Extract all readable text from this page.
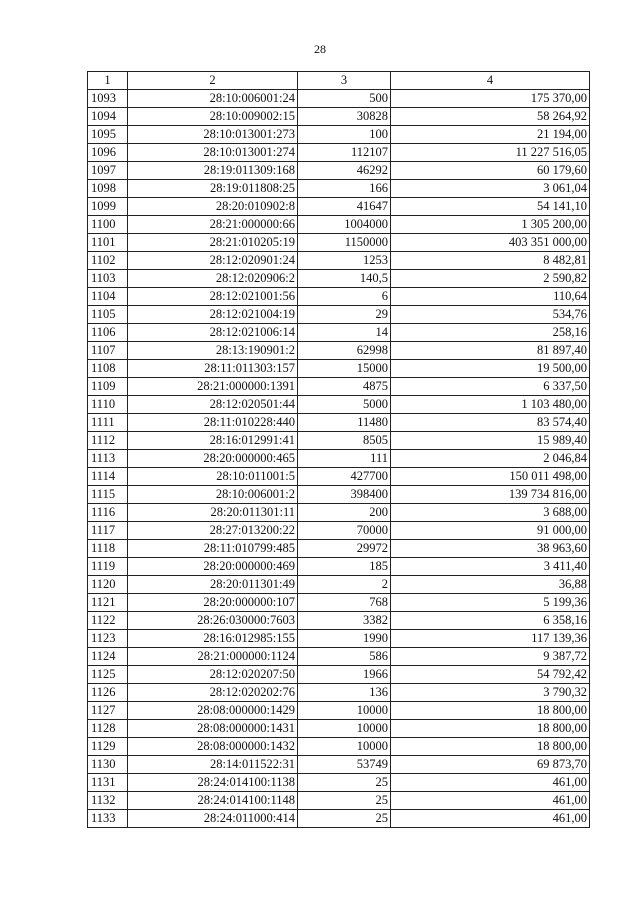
28
1	2	3	4
1093	28:10:006001:24	500	175 370,00
1094	28:10:009002:15	30828	58 264,92
1095	28:10:013001:273	100	21 194,00
1096	28:10:013001:274	112107	11 227 516,05
1097	28:19:011309:168	46292	60 179,60
1098	28:19:011808:25	166	3 061,04
1099	28:20:010902:8	41647	54 141,10
1100	28:21:000000:66	1004000	1 305 200,00
1101	28:21:010205:19	1150000	403 351 000,00
1102	28:12:020901:24	1253	8 482,81
1103	28:12:020906:2	140,5	2 590,82
1104	28:12:021001:56	6	110,64
1105	28:12:021004:19	29	534,76
1106	28:12:021006:14	14	258,16
1107	28:13:190901:2	62998	81 897,40
1108	28:11:011303:157	15000	19 500,00
1109	28:21:000000:1391	4875	6 337,50
1110	28:12:020501:44	5000	1 103 480,00
1111	28:11:010228:440	11480	83 574,40
1112	28:16:012991:41	8505	15 989,40
1113	28:20:000000:465	111	2 046,84
1114	28:10:011001:5	427700	150 011 498,00
1115	28:10:006001:2	398400	139 734 816,00
1116	28:20:011301:11	200	3 688,00
1117	28:27:013200:22	70000	91 000,00
1118	28:11:010799:485	29972	38 963,60
1119	28:20:000000:469	185	3 411,40
1120	28:20:011301:49	2	36,88
1121	28:20:000000:107	768	5 199,36
1122	28:26:030000:7603	3382	6 358,16
1123	28:16:012985:155	1990	117 139,36
1124	28:21:000000:1124	586	9 387,72
1125	28:12:020207:50	1966	54 792,42
1126	28:12:020202:76	136	3 790,32
1127	28:08:000000:1429	10000	18 800,00
1128	28:08:000000:1431	10000	18 800,00
1129	28:08:000000:1432	10000	18 800,00
1130	28:14:011522:31	53749	69 873,70
1131	28:24:014100:1138	25	461,00
1132	28:24:014100:1148	25	461,00
1133	28:24:011000:414	25	461,00
